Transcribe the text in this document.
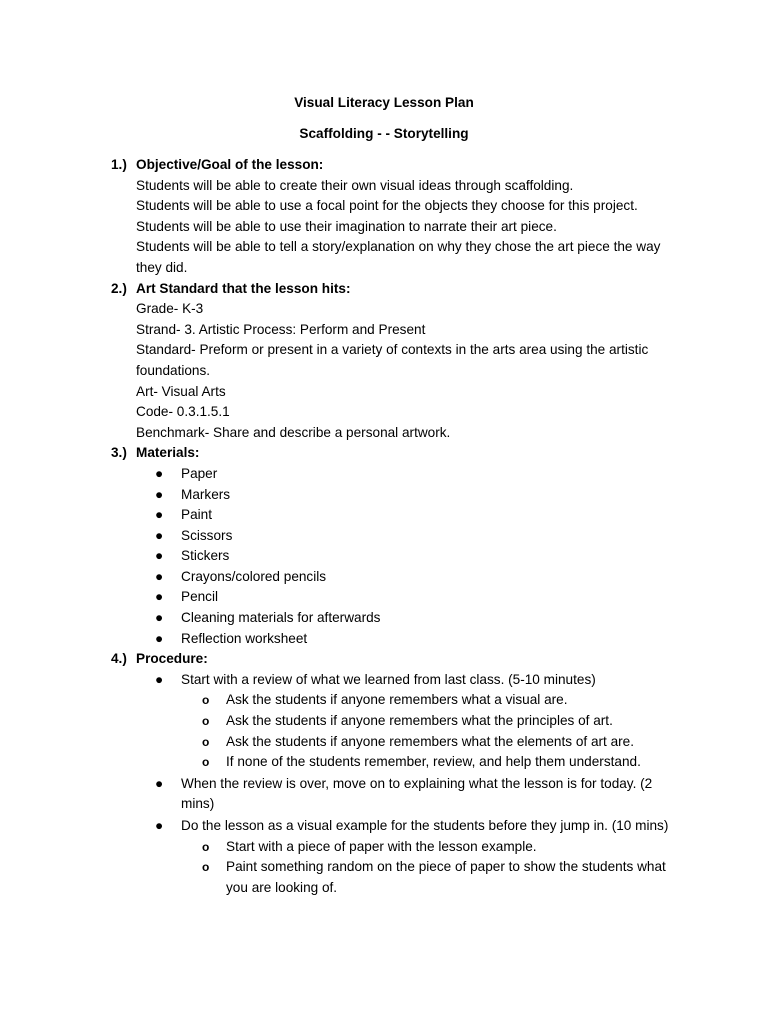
Visual Literacy Lesson Plan
Scaffolding - - Storytelling
1.) Objective/Goal of the lesson:
Students will be able to create their own visual ideas through scaffolding.
Students will be able to use a focal point for the objects they choose for this project.
Students will be able to use their imagination to narrate their art piece.
Students will be able to tell a story/explanation on why they chose the art piece the way they did.
2.) Art Standard that the lesson hits:
Grade- K-3
Strand- 3. Artistic Process: Perform and Present
Standard- Preform or present in a variety of contexts in the arts area using the artistic foundations.
Art- Visual Arts
Code- 0.3.1.5.1
Benchmark- Share and describe a personal artwork.
3.) Materials:
● Paper
● Markers
● Paint
● Scissors
● Stickers
● Crayons/colored pencils
● Pencil
● Cleaning materials for afterwards
● Reflection worksheet
4.) Procedure:
● Start with a review of what we learned from last class. (5-10 minutes)
o Ask the students if anyone remembers what a visual are.
o Ask the students if anyone remembers what the principles of art.
o Ask the students if anyone remembers what the elements of art are.
o If none of the students remember, review, and help them understand.
● When the review is over, move on to explaining what the lesson is for today. (2 mins)
● Do the lesson as a visual example for the students before they jump in. (10 mins)
o Start with a piece of paper with the lesson example.
o Paint something random on the piece of paper to show the students what you are looking of.
